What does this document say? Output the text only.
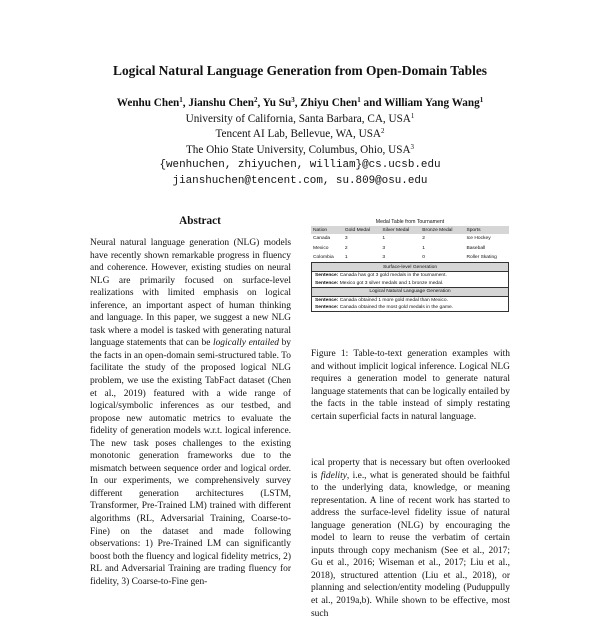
Logical Natural Language Generation from Open-Domain Tables
Wenhu Chen$^1$, Jianshu Chen$^2$, Yu Su$^3$, Zhiyu Chen$^1$ and William Yang Wang$^1$
University of California, Santa Barbara, CA, USA$^1$
Tencent AI Lab, Bellevue, WA, USA$^2$
The Ohio State University, Columbus, Ohio, USA$^3$
{wenhuchen, zhiyuchen, william}@cs.ucsb.edu
jianshuchen@tencent.com, su.809@osu.edu
Abstract

Neural natural language generation (NLG) models have recently shown remarkable progress in fluency and coherence. However, existing studies on neural NLG are primarily focused on surface-level realizations with limited emphasis on logical inference, an important aspect of human thinking and language. In this paper, we suggest a new NLG task where a model is tasked with generating natural language statements that can be logically entailed by the facts in an open-domain semi-structured table. To facilitate the study of the proposed logical NLG problem, we use the existing TabFact dataset (Chen et al., 2019) featured with a wide range of logical/symbolic inferences as our testbed, and propose new automatic metrics to evaluate the fidelity of generation models w.r.t. logical inference. The new task poses challenges to the existing monotonic generation frameworks due to the mismatch between sequence order and logical order. In our experiments, we comprehensively survey different generation architectures (LSTM, Transformer, Pre-Trained LM) trained with different algorithms (RL, Adversarial Training, Coarse-to-Fine) on the dataset and made following observations: 1) Pre-Trained LM can significantly boost both the fluency and logical fidelity metrics, 2) RL and Adversarial Training are trading fluency for fidelity, 3) Coarse-to-Fine gen-

Medal Table from Tournament
Nation	Gold Medal	Silver Medal	Bronze Medal	Sports
Canada	3	1	2	Ice Hockey
Mexico	2	3	1	Baseball
Colombia	1	3	0	Roller Skating
Surface-level Generation
Sentence: Canada has got 3 gold medals in the tournament.
Sentence: Mexico got 3 silver medals and 1 bronze medal.
Logical Natural Language Generation
Sentence: Canada obtained 1 more gold medal than Mexico.
Sentence: Canada obtained the most gold medals in the game.

Figure 1: Table-to-text generation examples with and without implicit logical inference. Logical NLG requires a generation model to generate natural language statements that can be logically entailed by the facts in the table instead of simply restating certain superficial facts in natural language.

ical property that is necessary but often overlooked is fidelity, i.e., what is generated should be faithful to the underlying data, knowledge, or meaning representation. A line of recent work has started to address the surface-level fidelity issue of natural language generation (NLG) by encouraging the model to learn to reuse the verbatim of certain inputs through copy mechanism (See et al., 2017; Gu et al., 2016; Wiseman et al., 2017; Liu et al., 2018), structured attention (Liu et al., 2018), or planning and selection/entity modeling (Puduppully et al., 2019a,b). While shown to be effective, most such
